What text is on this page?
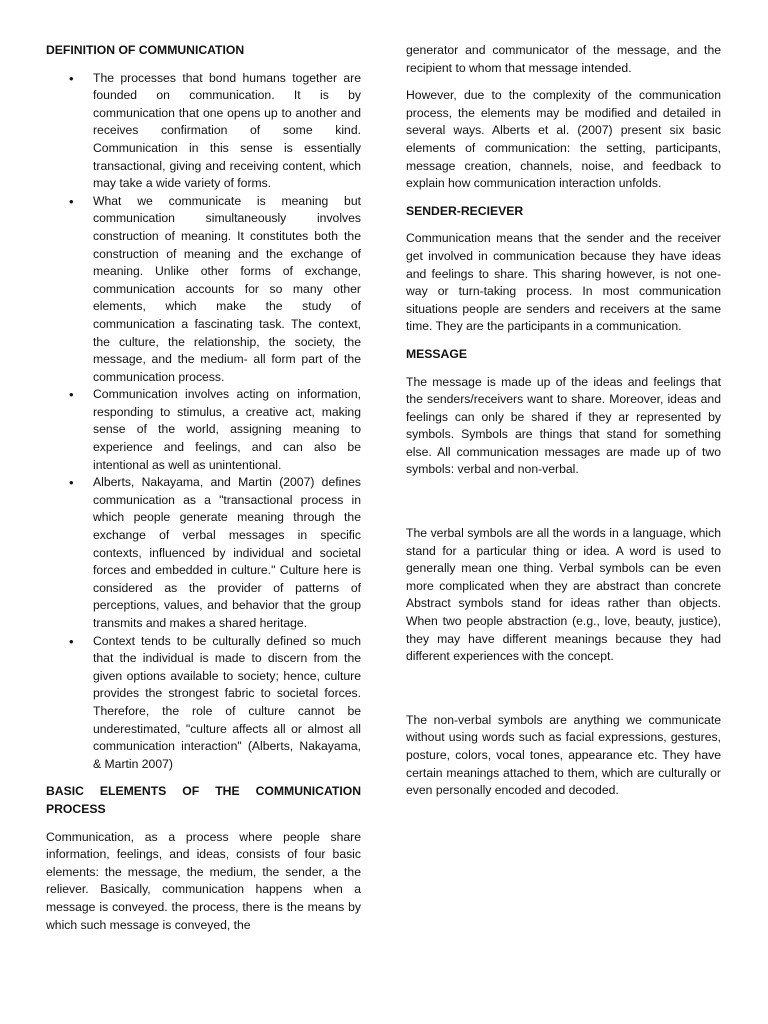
DEFINITION OF COMMUNICATION

• The processes that bond humans together are founded on communication. It is by communication that one opens up to another and receives confirmation of some kind. Communication in this sense is essentially transactional, giving and receiving content, which may take a wide variety of forms.
• What we communicate is meaning but communication simultaneously involves construction of meaning. It constitutes both the construction of meaning and the exchange of meaning. Unlike other forms of exchange, communication accounts for so many other elements, which make the study of communication a fascinating task. The context, the culture, the relationship, the society, the message, and the medium- all form part of the communication process.
• Communication involves acting on information, responding to stimulus, a creative act, making sense of the world, assigning meaning to experience and feelings, and can also be intentional as well as unintentional.
• Alberts, Nakayama, and Martin (2007) defines communication as a "transactional process in which people generate meaning through the exchange of verbal messages in specific contexts, influenced by individual and societal forces and embedded in culture." Culture here is considered as the provider of patterns of perceptions, values, and behavior that the group transmits and makes a shared heritage.
• Context tends to be culturally defined so much that the individual is made to discern from the given options available to society; hence, culture provides the strongest fabric to societal forces. Therefore, the role of culture cannot be underestimated, "culture affects all or almost all communication interaction" (Alberts, Nakayama, & Martin 2007)

BASIC ELEMENTS OF THE COMMUNICATION PROCESS

Communication, as a process where people share information, feelings, and ideas, consists of four basic elements: the message, the medium, the sender, a the reliever. Basically, communication happens when a message is conveyed. the process, there is the means by which such message is conveyed, the

generator and communicator of the message, and the recipient to whom that message intended.

However, due to the complexity of the communication process, the elements may be modified and detailed in several ways. Alberts et al. (2007) present six basic elements of communication: the setting, participants, message creation, channels, noise, and feedback to explain how communication interaction unfolds.

SENDER-RECIEVER

Communication means that the sender and the receiver get involved in communication because they have ideas and feelings to share. This sharing however, is not one-way or turn-taking process. In most communication situations people are senders and receivers at the same time. They are the participants in a communication.

MESSAGE

The message is made up of the ideas and feelings that the senders/receivers want to share. Moreover, ideas and feelings can only be shared if they ar represented by symbols. Symbols are things that stand for something else. All communication messages are made up of two symbols: verbal and non-verbal.

The verbal symbols are all the words in a language, which stand for a particular thing or idea. A word is used to generally mean one thing. Verbal symbols can be even more complicated when they are abstract than concrete Abstract symbols stand for ideas rather than objects. When two people abstraction (e.g., love, beauty, justice), they may have different meanings because they had different experiences with the concept.

The non-verbal symbols are anything we communicate without using words such as facial expressions, gestures, posture, colors, vocal tones, appearance etc. They have certain meanings attached to them, which are culturally or even personally encoded and decoded.
